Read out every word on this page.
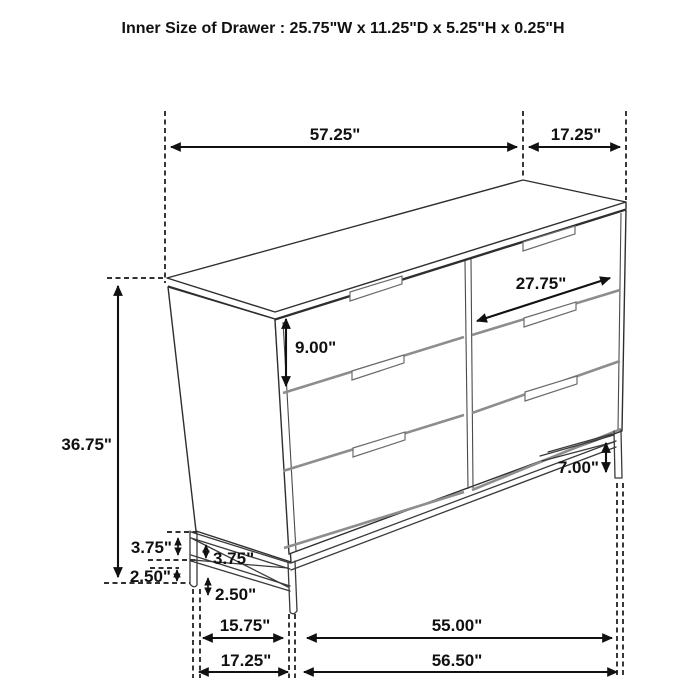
Inner Size of Drawer : 25.75"W x 11.25"D x 5.25"H x 0.25"H
57.25"	17.25"
27.75"
9.00"
36.75"
3.75"
2.50"
3.75"
2.50"
7.00"
15.75"	55.00"
17.25"	56.50"
